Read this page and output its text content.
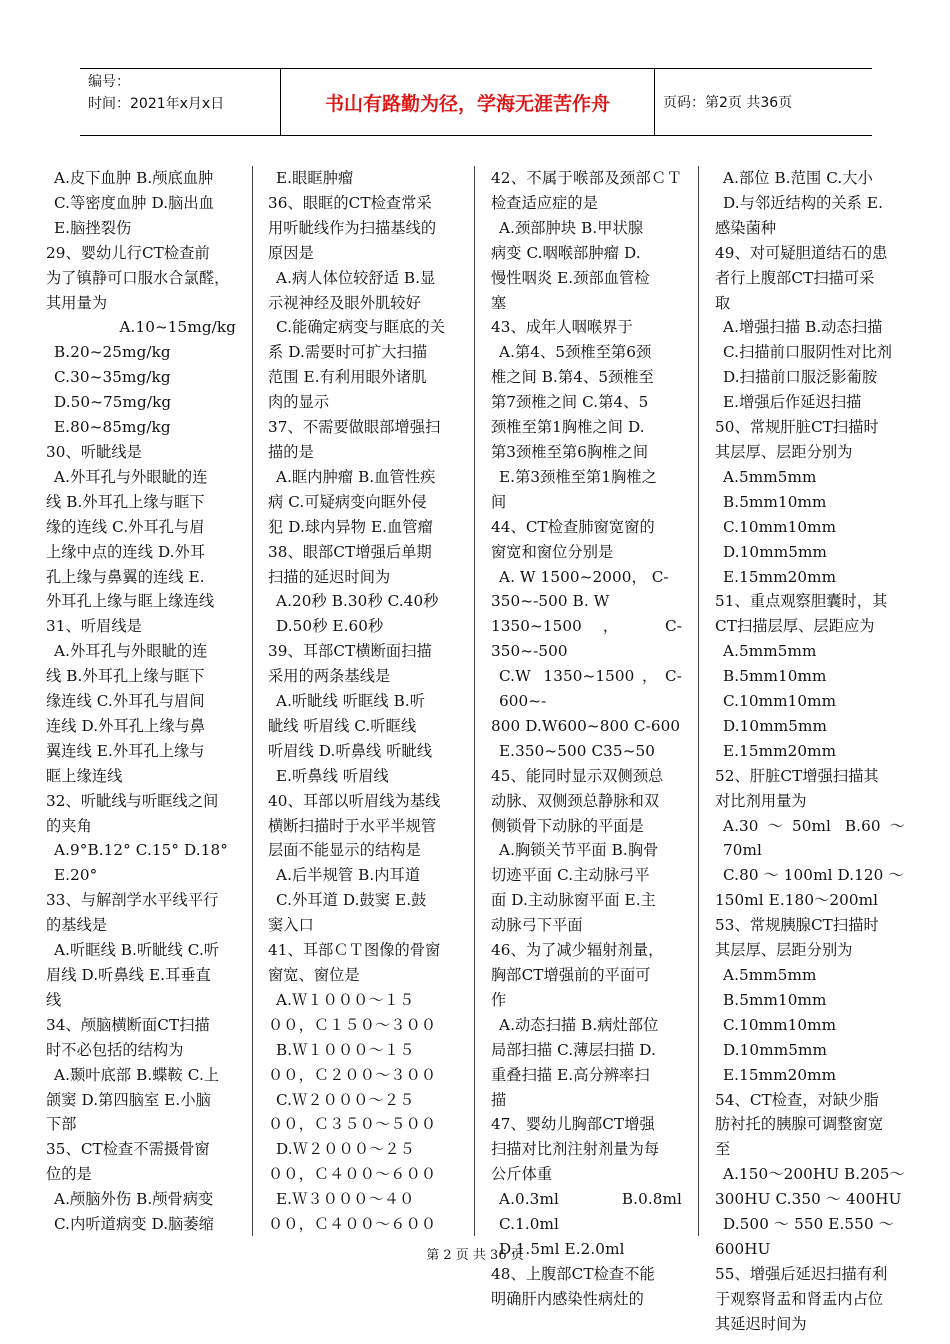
编号：
时间：2021年x月x日	书山有路勤为径，学海无涯苦作舟	页码：第2页 共36页

A.皮下血肿 B.颅底血肿

C.等密度血肿 D.脑出血

E.脑挫裂伤

29、婴幼儿行CT检查前

为了镇静可口服水合氯醛，

其用量为

A.10~15mg/kg

B.20~25mg/kg

C.30~35mg/kg

D.50~75mg/kg

E.80~85mg/kg

30、听眦线是

A.外耳孔与外眼眦的连

线 B.外耳孔上缘与眶下

缘的连线 C.外耳孔与眉

上缘中点的连线 D.外耳

孔上缘与鼻翼的连线 E.

外耳孔上缘与眶上缘连线

31、听眉线是

A.外耳孔与外眼眦的连

线 B.外耳孔上缘与眶下

缘连线 C.外耳孔与眉间

连线 D.外耳孔上缘与鼻

翼连线 E.外耳孔上缘与

眶上缘连线

32、听眦线与听眶线之间

的夹角

A.9°B.12° C.15° D.18°

E.20°

33、与解剖学水平线平行

的基线是

A.听眶线 B.听眦线 C.听

眉线 D.听鼻线 E.耳垂直

线

34、颅脑横断面CT扫描

时不必包括的结构为

A.颞叶底部 B.蝶鞍 C.上

颌窦 D.第四脑室 E.小脑

下部

35、CT检查不需摄骨窗

位的是

A.颅脑外伤 B.颅骨病变

C.内听道病变 D.脑萎缩

E.眼眶肿瘤

36、眼眶的CT检查常采

用听眦线作为扫描基线的

原因是

A.病人体位较舒适 B.显

示视神经及眼外肌较好

C.能确定病变与眶底的关

系 D.需要时可扩大扫描

范围 E.有利用眼外诸肌

肉的显示

37、不需要做眼部增强扫

描的是

A.眶内肿瘤 B.血管性疾

病 C.可疑病变向眶外侵

犯 D.球内异物 E.血管瘤

38、眼部CT增强后单期

扫描的延迟时间为

A.20秒 B.30秒 C.40秒

D.50秒 E.60秒

39、耳部CT横断面扫描

采用的两条基线是

A.听眦线 听眶线 B.听

眦线 听眉线 C.听眶线

听眉线 D.听鼻线 听眦线

E.听鼻线 听眉线

40、耳部以听眉线为基线

横断扫描时于水平半规管

层面不能显示的结构是

A.后半规管 B.内耳道

C.外耳道 D.鼓窦 E.鼓

窦入口

41、耳部ＣＴ图像的骨窗

窗宽、窗位是

A.Ｗ１０００～１５

００，Ｃ１５０～３００

B.Ｗ１０００～１５

００，Ｃ２００～３００

C.Ｗ２０００～２５

００，Ｃ３５０～５００

D.Ｗ２０００～２５

００，Ｃ４００～６００

E.Ｗ３０００～４０

００，Ｃ４００～６００

42、不属于喉部及颈部ＣＴ检查适应症的是

A.颈部肿块 B.甲状腺

病变 C.咽喉部肿瘤 D.

慢性咽炎 E.颈部血管检

塞

43、成年人咽喉界于

A.第4、5颈椎至第6颈

椎之间 B.第4、5颈椎至

第7颈椎之间 C.第4、5

颈椎至第1胸椎之间 D.

第3颈椎至第6胸椎之间

E.第3颈椎至第1胸椎之

间

44、CT检查肺窗宽窗的

窗宽和窗位分别是

A. W 1500~2000， C-

350~-500 B. W

1350~1500， C-350~-500

C.W 1350~1500，C-600~-

800 D.W600~800 C-600

E.350~500 C35~50

45、能同时显示双侧颈总

动脉、双侧颈总静脉和双

侧锁骨下动脉的平面是

A.胸锁关节平面 B.胸骨

切迹平面 C.主动脉弓平

面 D.主动脉窗平面 E.主

动脉弓下平面

46、为了减少辐射剂量，

胸部CT增强前的平面可

作

A.动态扫描 B.病灶部位

局部扫描 C.薄层扫描 D.

重叠扫描 E.高分辨率扫

描

47、婴幼儿胸部CT增强

扫描对比剂注射剂量为每

公斤体重

A.0.3ml B.0.8ml C.1.0ml

D.1.5ml E.2.0ml

48、上腹部CT检查不能

明确肝内感染性病灶的

A.部位 B.范围 C.大小

D.与邻近结构的关系 E.

感染菌种

49、对可疑胆道结石的患

者行上腹部CT扫描可采

取

A.增强扫描 B.动态扫描

C.扫描前口服阴性对比剂

D.扫描前口服泛影葡胺

E.增强后作延迟扫描

50、常规肝脏CT扫描时

其层厚、层距分别为

A.5mm5mm B.5mm10mm

C.10mm10mm

D.10mm5mm

E.15mm20mm

51、重点观察胆囊时，其

CT扫描层厚、层距应为

A.5mm5mm B.5mm10mm

C.10mm10mm

D.10mm5mm

E.15mm20mm

52、肝脏CT增强扫描其

对比剂用量为

A.30～50ml B.60～70ml

C.80 ～ 100ml D.120 ～

150ml E.180～200ml

53、常规胰腺CT扫描时

其层厚、层距分别为

A.5mm5mm B.5mm10mm

C.10mm10mm

D.10mm5mm

E.15mm20mm

54、CT检查，对缺少脂

肪衬托的胰腺可调整窗宽

至

A.150～200HU B.205～

300HU C.350 ～ 400HU

D.500 ～ 550 E.550 ～

600HU

55、增强后延迟扫描有利

于观察肾盂和肾盂内占位

其延迟时间为

第 2 页 共 36 页
